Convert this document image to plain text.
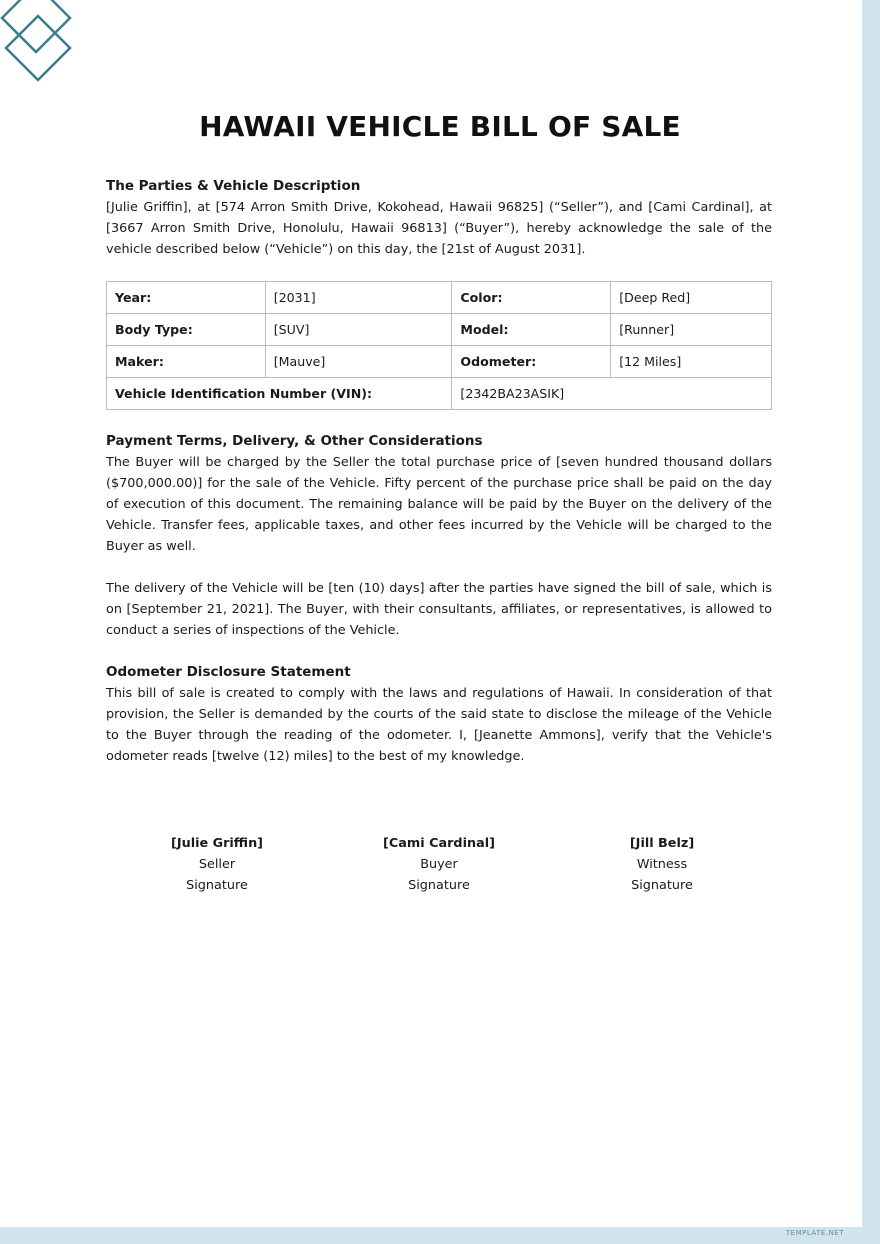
TEMPLATE.NET
HAWAII VEHICLE BILL OF SALE
The Parties & Vehicle Description

[Julie Griffin], at [574 Arron Smith Drive, Kokohead, Hawaii 96825] (“Seller”), and [Cami Cardinal], at [3667 Arron Smith Drive, Honolulu, Hawaii 96813] (“Buyer”), hereby acknowledge the sale of the vehicle described below (“Vehicle”) on this day, the [21st of August 2031].

Year:	[2031]	Color:	[Deep Red]
Body Type:	[SUV]	Model:	[Runner]
Maker:	[Mauve]	Odometer:	[12 Miles]
Vehicle Identification Number (VIN):		[2342BA23ASIK]	
Payment Terms, Delivery, & Other Considerations

The Buyer will be charged by the Seller the total purchase price of [seven hundred thousand dollars ($700,000.00)] for the sale of the Vehicle. Fifty percent of the purchase price shall be paid on the day of execution of this document. The remaining balance will be paid by the Buyer on the delivery of the Vehicle. Transfer fees, applicable taxes, and other fees incurred by the Vehicle will be charged to the Buyer as well.

The delivery of the Vehicle will be [ten (10) days] after the parties have signed the bill of sale, which is on [September 21, 2021]. The Buyer, with their consultants, affiliates, or representatives, is allowed to conduct a series of inspections of the Vehicle.

Odometer Disclosure Statement

This bill of sale is created to comply with the laws and regulations of Hawaii. In consideration of that provision, the Seller is demanded by the courts of the said state to disclose the mileage of the Vehicle to the Buyer through the reading of the odometer. I, [Jeanette Ammons], verify that the Vehicle's odometer reads [twelve (12) miles] to the best of my knowledge.

[Julie Griffin]
Seller
Signature
[Cami Cardinal]
Buyer
Signature
[Jill Belz]
Witness
Signature
